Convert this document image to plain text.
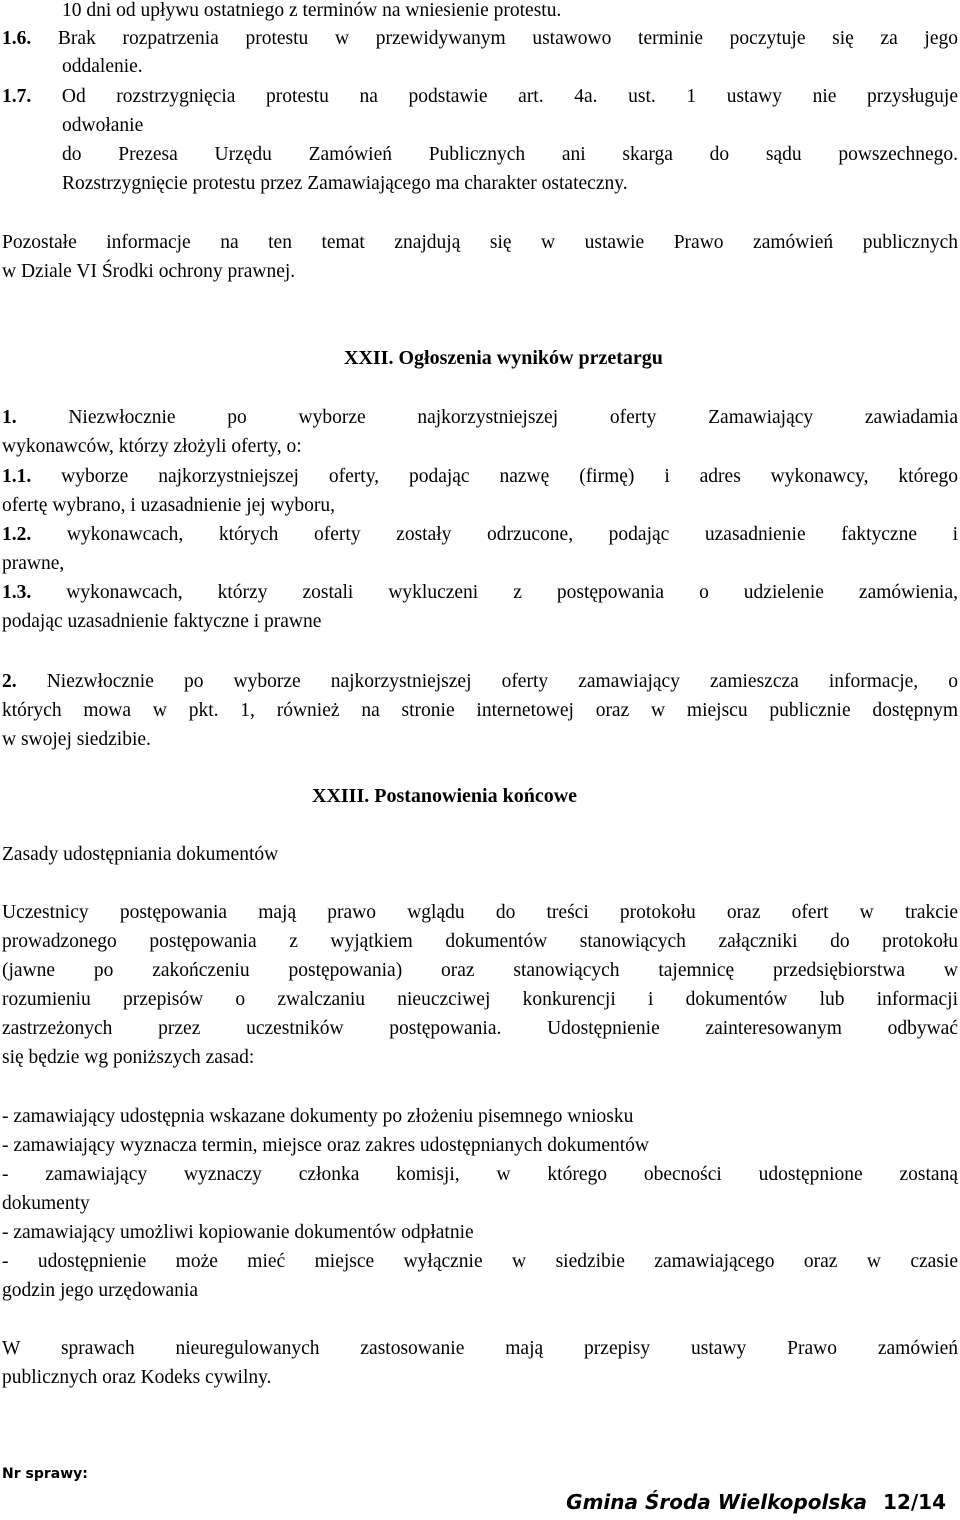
10 dni od upływu ostatniego z terminów na wniesienie protestu.
1.6. Brak rozpatrzenia protestu w przewidywanym ustawowo terminie poczytuje się za jego
oddalenie.
1.7. Od rozstrzygnięcia protestu na podstawie art. 4a. ust. 1 ustawy nie przysługuje
odwołanie
do Prezesa Urzędu Zamówień Publicznych ani skarga do sądu powszechnego.
Rozstrzygnięcie protestu przez Zamawiającego ma charakter ostateczny.
Pozostałe informacje na ten temat znajdują się w ustawie Prawo zamówień publicznych
w Dziale VI Środki ochrony prawnej.
1. Niezwłocznie po wyborze najkorzystniejszej oferty Zamawiający zawiadamia
wykonawców, którzy złożyli oferty, o:
1.1. wyborze najkorzystniejszej oferty, podając nazwę (firmę) i adres wykonawcy, którego
ofertę wybrano, i uzasadnienie jej wyboru,
1.2. wykonawcach, których oferty zostały odrzucone, podając uzasadnienie faktyczne i
prawne,
1.3. wykonawcach, którzy zostali wykluczeni z postępowania o udzielenie zamówienia,
podając uzasadnienie faktyczne i prawne
2. Niezwłocznie po wyborze najkorzystniejszej oferty zamawiający zamieszcza informacje, o
których mowa w pkt. 1, również na stronie internetowej oraz w miejscu publicznie dostępnym
w swojej siedzibie.
Zasady udostępniania dokumentów
Uczestnicy postępowania mają prawo wglądu do treści protokołu oraz ofert w trakcie
prowadzonego postępowania z wyjątkiem dokumentów stanowiących załączniki do protokołu
(jawne po zakończeniu postępowania) oraz stanowiących tajemnicę przedsiębiorstwa w
rozumieniu przepisów o zwalczaniu nieuczciwej konkurencji i dokumentów lub informacji
zastrzeżonych przez uczestników postępowania. Udostępnienie zainteresowanym odbywać
się będzie wg poniższych zasad:
- zamawiający udostępnia wskazane dokumenty po złożeniu pisemnego wniosku
- zamawiający wyznacza termin, miejsce oraz zakres udostępnianych dokumentów
- zamawiający wyznaczy członka komisji, w którego obecności udostępnione zostaną
dokumenty
- zamawiający umożliwi kopiowanie dokumentów odpłatnie
- udostępnienie może mieć miejsce wyłącznie w siedzibie zamawiającego oraz w czasie
godzin jego urzędowania
W sprawach nieuregulowanych zastosowanie mają przepisy ustawy Prawo zamówień
publicznych oraz Kodeks cywilny.
XXII. Ogłoszenia wyników przetargu
XXIII. Postanowienia końcowe
Nr sprawy:
Gmina Środa Wielkopolska 12/14
